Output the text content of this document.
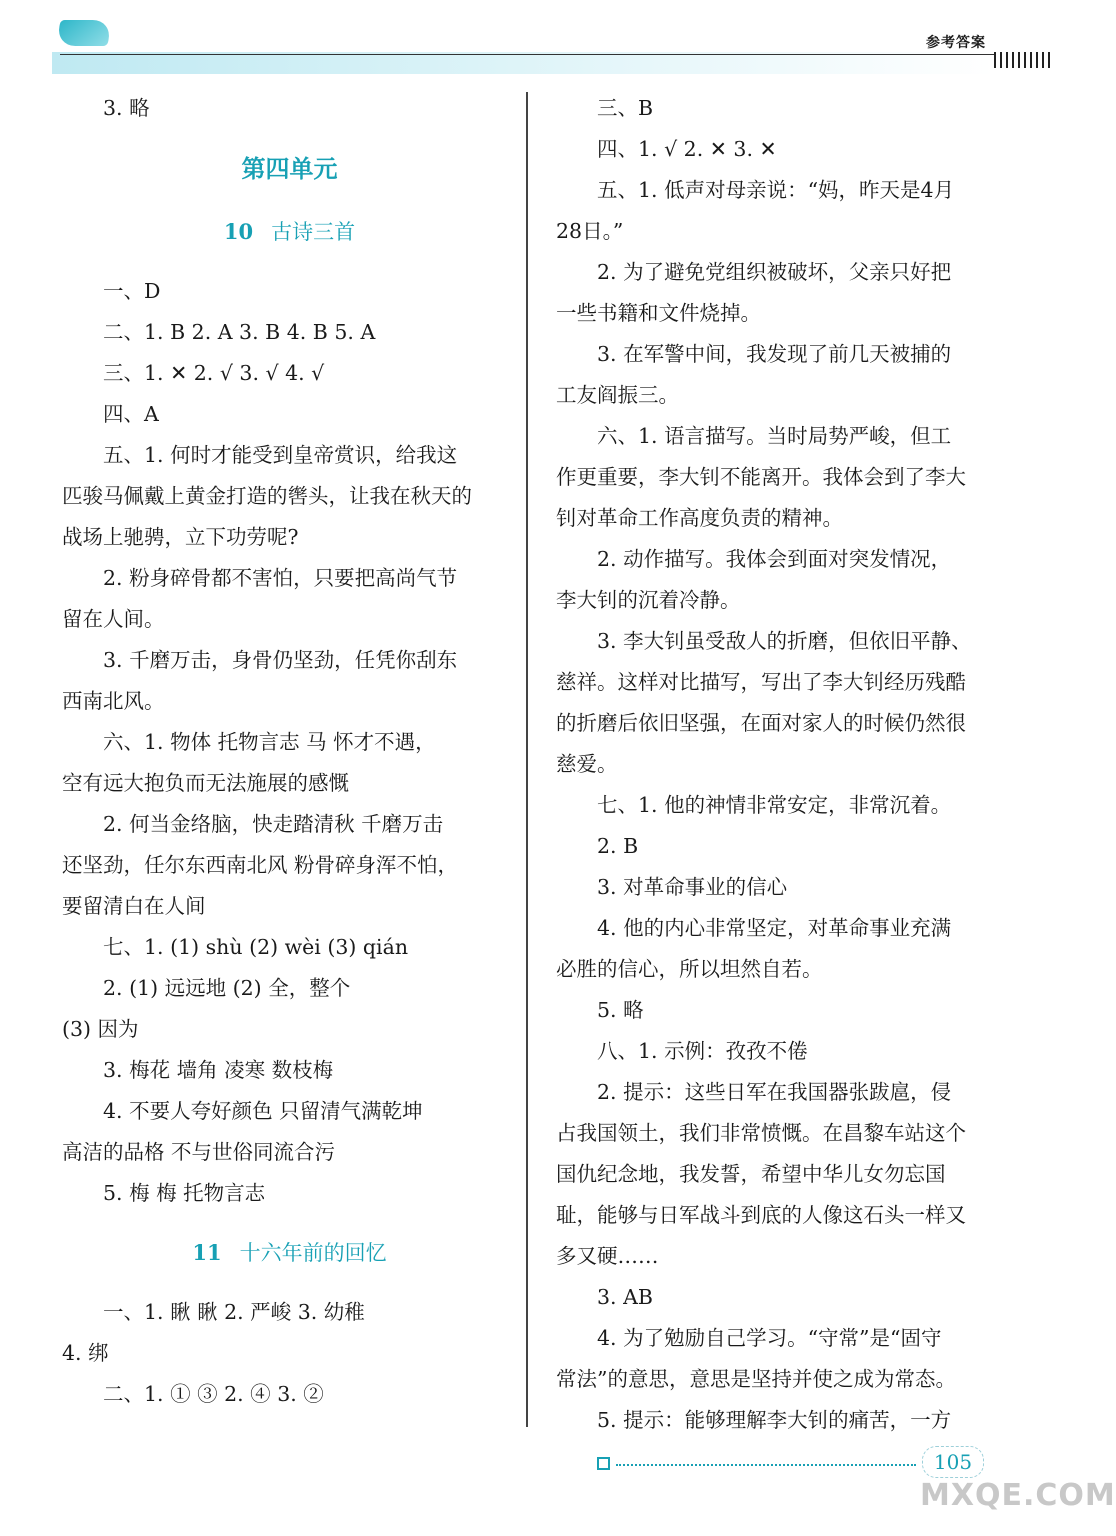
参考答案

3. 略

第四单元

10 古诗三首

一、D

二、1. B 2. A 3. B 4. B 5. A

三、1. ✕ 2. √ 3. √ 4. √

四、A

五、1. 何时才能受到皇帝赏识，给我这

匹骏马佩戴上黄金打造的辔头，让我在秋天的

战场上驰骋，立下功劳呢?

2. 粉身碎骨都不害怕，只要把高尚气节

留在人间。

3. 千磨万击，身骨仍坚劲，任凭你刮东

西南北风。

六、1. 物体 托物言志 马 怀才不遇，

空有远大抱负而无法施展的感慨

2. 何当金络脑，快走踏清秋 千磨万击

还坚劲，任尔东西南北风 粉骨碎身浑不怕，

要留清白在人间

七、1. (1) shù (2) wèi (3) qián

2. (1) 远远地 (2) 全，整个

(3) 因为

3. 梅花 墙角 凌寒 数枝梅

4. 不要人夸好颜色 只留清气满乾坤

高洁的品格 不与世俗同流合污

5. 梅 梅 托物言志

11 十六年前的回忆

一、1. 瞅 瞅 2. 严峻 3. 幼稚

4. 绑

二、1. ① ③ 2. ④ 3. ②

三、B

四、1. √ 2. ✕ 3. ✕

五、1. 低声对母亲说：“妈，昨天是4月

28日。”

2. 为了避免党组织被破坏，父亲只好把

一些书籍和文件烧掉。

3. 在军警中间，我发现了前几天被捕的

工友阎振三。

六、1. 语言描写。当时局势严峻，但工

作更重要，李大钊不能离开。我体会到了李大

钊对革命工作高度负责的精神。

2. 动作描写。我体会到面对突发情况，

李大钊的沉着冷静。

3. 李大钊虽受敌人的折磨，但依旧平静、

慈祥。这样对比描写，写出了李大钊经历残酷

的折磨后依旧坚强，在面对家人的时候仍然很

慈爱。

七、1. 他的神情非常安定，非常沉着。

2. B

3. 对革命事业的信心

4. 他的内心非常坚定，对革命事业充满

必胜的信心，所以坦然自若。

5. 略

八、1. 示例：孜孜不倦

2. 提示：这些日军在我国器张跋扈，侵

占我国领土，我们非常愤慨。在昌黎车站这个

国仇纪念地，我发誓，希望中华儿女勿忘国

耻，能够与日军战斗到底的人像这石头一样又

多又硬……

3. AB

4. 为了勉励自己学习。“守常”是“固守

常法”的意思，意思是坚持并使之成为常态。

5. 提示：能够理解李大钊的痛苦，一方

105
MXQE.COM
